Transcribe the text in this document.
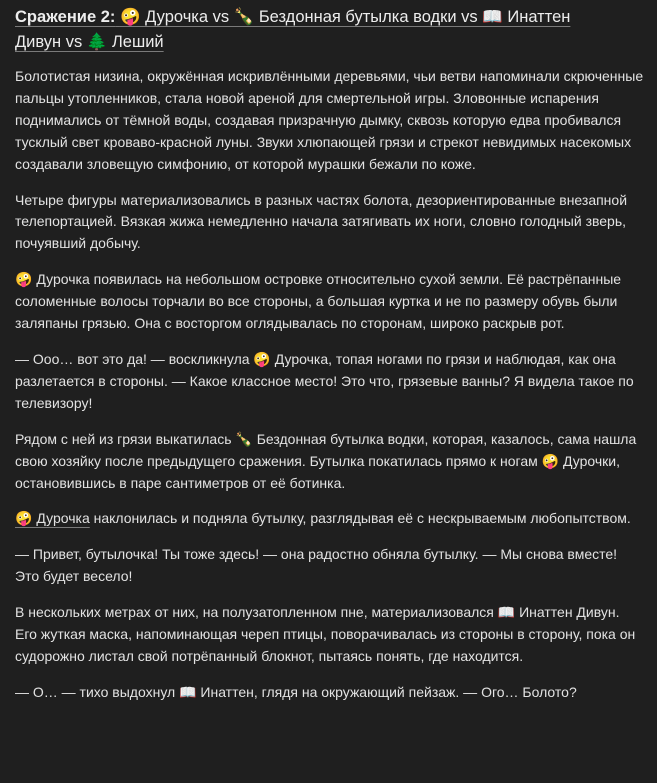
Сражение 2: 🤪 Дурочка vs 🍾 Бездонная бутылка водки vs 📖 Инаттен
Дивун vs 🌲 Леший

Болотистая низина, окружённая искривлёнными деревьями, чьи ветви напоминали скрюченные пальцы утопленников, стала новой ареной для смертельной игры. Зловонные испарения поднимались от тёмной воды, создавая призрачную дымку, сквозь которую едва пробивался тусклый свет кроваво-красной луны. Звуки хлюпающей грязи и стрекот невидимых насекомых создавали зловещую симфонию, от которой мурашки бежали по коже.

Четыре фигуры материализовались в разных частях болота, дезориентированные внезапной телепортацией. Вязкая жижа немедленно начала затягивать их ноги, словно голодный зверь, почуявший добычу.

🤪 Дурочка появилась на небольшом островке относительно сухой земли. Её растрёпанные соломенные волосы торчали во все стороны, а большая куртка и не по размеру обувь были заляпаны грязью. Она с восторгом оглядывалась по сторонам, широко раскрыв рот.

— Ооо… вот это да! — воскликнула 🤪 Дурочка, топая ногами по грязи и наблюдая, как она разлетается в стороны. — Какое классное место! Это что, грязевые ванны? Я видела такое по телевизору!

Рядом с ней из грязи выкатилась 🍾 Бездонная бутылка водки, которая, казалось, сама нашла свою хозяйку после предыдущего сражения. Бутылка покатилась прямо к ногам 🤪 Дурочки, остановившись в паре сантиметров от её ботинка.

🤪 Дурочка наклонилась и подняла бутылку, разглядывая её с нескрываемым любопытством.

— Привет, бутылочка! Ты тоже здесь! — она радостно обняла бутылку. — Мы снова вместе! Это будет весело!

В нескольких метрах от них, на полузатопленном пне, материализовался 📖 Инаттен Дивун. Его жуткая маска, напоминающая череп птицы, поворачивалась из стороны в сторону, пока он судорожно листал свой потрёпанный блокнот, пытаясь понять, где находится.

— О… — тихо выдохнул 📖 Инаттен, глядя на окружающий пейзаж. — Ого… Болото?
